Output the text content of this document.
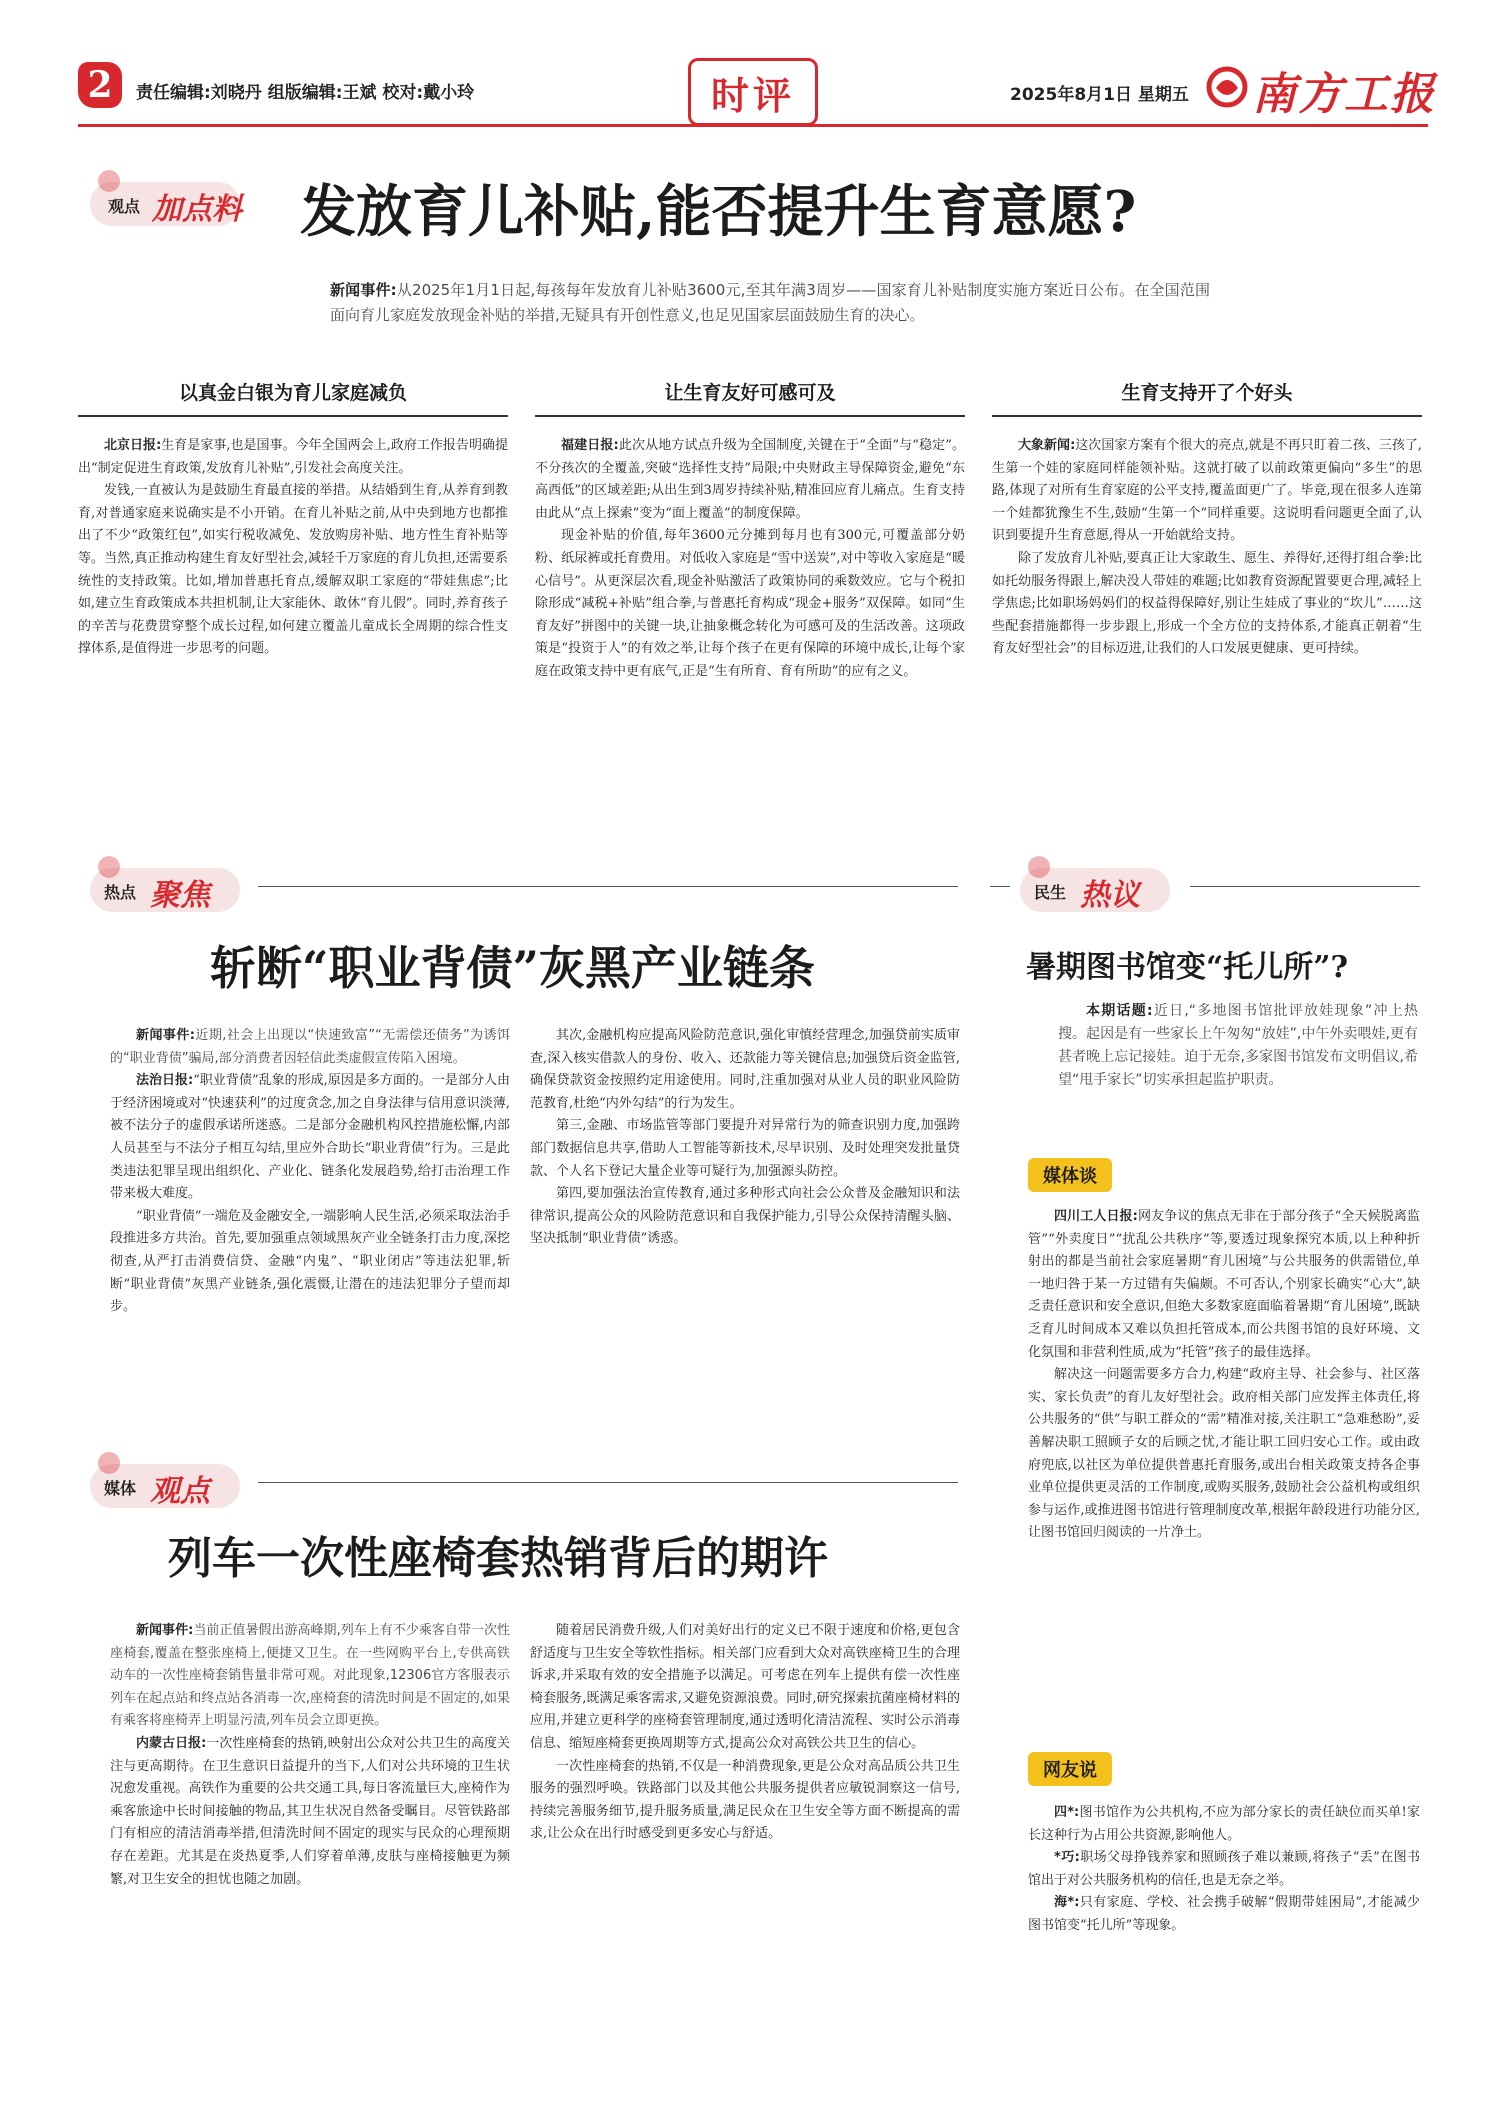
2 责任编辑:刘晓丹 组版编辑:王斌 校对:戴小玲	时评	2025年8月1日 星期五 南方工报
观点 加点料 发放育儿补贴,能否提升生育意愿?
新闻事件:从2025年1月1日起,每孩每年发放育儿补贴3600元,至其年满3周岁——国家育儿补贴制度实施方案近日公布。在全国范围面向育儿家庭发放现金补贴的举措,无疑具有开创性意义,也足见国家层面鼓励生育的决心。
以真金白银为育儿家庭减负

北京日报:生育是家事,也是国事。今年全国两会上,政府工作报告明确提出“制定促进生育政策,发放育儿补贴”,引发社会高度关注。

发钱,一直被认为是鼓励生育最直接的举措。从结婚到生育,从养育到教育,对普通家庭来说确实是不小开销。在育儿补贴之前,从中央到地方也都推出了不少“政策红包”,如实行税收减免、发放购房补贴、地方性生育补贴等等。当然,真正推动构建生育友好型社会,减轻千万家庭的育儿负担,还需要系统性的支持政策。比如,增加普惠托育点,缓解双职工家庭的“带娃焦虑”;比如,建立生育政策成本共担机制,让大家能休、敢休“育儿假”。同时,养育孩子的辛苦与花费贯穿整个成长过程,如何建立覆盖儿童成长全周期的综合性支撑体系,是值得进一步思考的问题。

让生育友好可感可及

福建日报:此次从地方试点升级为全国制度,关键在于“全面”与“稳定”。不分孩次的全覆盖,突破“选择性支持”局限;中央财政主导保障资金,避免“东高西低”的区域差距;从出生到3周岁持续补贴,精准回应育儿痛点。生育支持由此从“点上探索”变为“面上覆盖”的制度保障。

现金补贴的价值,每年3600元分摊到每月也有300元,可覆盖部分奶粉、纸尿裤或托育费用。对低收入家庭是“雪中送炭”,对中等收入家庭是“暖心信号”。从更深层次看,现金补贴激活了政策协同的乘数效应。它与个税扣除形成“减税+补贴”组合拳,与普惠托育构成“现金+服务”双保障。如同“生育友好”拼图中的关键一块,让抽象概念转化为可感可及的生活改善。这项政策是“投资于人”的有效之举,让每个孩子在更有保障的环境中成长,让每个家庭在政策支持中更有底气,正是“生有所育、育有所助”的应有之义。

生育支持开了个好头

大象新闻:这次国家方案有个很大的亮点,就是不再只盯着二孩、三孩了,生第一个娃的家庭同样能领补贴。这就打破了以前政策更偏向“多生”的思路,体现了对所有生育家庭的公平支持,覆盖面更广了。毕竟,现在很多人连第一个娃都犹豫生不生,鼓励“生第一个”同样重要。这说明看问题更全面了,认识到要提升生育意愿,得从一开始就给支持。

除了发放育儿补贴,要真正让大家敢生、愿生、养得好,还得打组合拳:比如托幼服务得跟上,解决没人带娃的难题;比如教育资源配置要更合理,减轻上学焦虑;比如职场妈妈们的权益得保障好,别让生娃成了事业的“坎儿”……这些配套措施都得一步步跟上,形成一个全方位的支持体系,才能真正朝着“生育友好型社会”的目标迈进,让我们的人口发展更健康、更可持续。

热点 聚焦
斩断“职业背债”灰黑产业链条

新闻事件:近期,社会上出现以“快速致富”“无需偿还债务”为诱饵的“职业背债”骗局,部分消费者因轻信此类虚假宣传陷入困境。

法治日报:“职业背债”乱象的形成,原因是多方面的。一是部分人由于经济困境或对“快速获利”的过度贪念,加之自身法律与信用意识淡薄,被不法分子的虚假承诺所迷惑。二是部分金融机构风控措施松懈,内部人员甚至与不法分子相互勾结,里应外合助长“职业背债”行为。三是此类违法犯罪呈现出组织化、产业化、链条化发展趋势,给打击治理工作带来极大难度。

“职业背债”一端危及金融安全,一端影响人民生活,必须采取法治手段推进多方共治。首先,要加强重点领域黑灰产业全链条打击力度,深挖彻查,从严打击消费信贷、金融“内鬼”、“职业闭店”等违法犯罪,斩断“职业背债”灰黑产业链条,强化震慑,让潜在的违法犯罪分子望而却步。

其次,金融机构应提高风险防范意识,强化审慎经营理念,加强贷前实质审查,深入核实借款人的身份、收入、还款能力等关键信息;加强贷后资金监管,确保贷款资金按照约定用途使用。同时,注重加强对从业人员的职业风险防范教育,杜绝“内外勾结”的行为发生。

第三,金融、市场监管等部门要提升对异常行为的筛查识别力度,加强跨部门数据信息共享,借助人工智能等新技术,尽早识别、及时处理突发批量贷款、个人名下登记大量企业等可疑行为,加强源头防控。

第四,要加强法治宣传教育,通过多种形式向社会公众普及金融知识和法律常识,提高公众的风险防范意识和自我保护能力,引导公众保持清醒头脑、坚决抵制“职业背债”诱惑。

媒体 观点
列车一次性座椅套热销背后的期许

新闻事件:当前正值暑假出游高峰期,列车上有不少乘客自带一次性座椅套,覆盖在整张座椅上,便捷又卫生。在一些网购平台上,专供高铁动车的一次性座椅套销售量非常可观。对此现象,12306官方客服表示列车在起点站和终点站各消毒一次,座椅套的清洗时间是不固定的,如果有乘客将座椅弄上明显污渍,列车员会立即更换。

内蒙古日报:一次性座椅套的热销,映射出公众对公共卫生的高度关注与更高期待。在卫生意识日益提升的当下,人们对公共环境的卫生状况愈发重视。高铁作为重要的公共交通工具,每日客流量巨大,座椅作为乘客旅途中长时间接触的物品,其卫生状况自然备受瞩目。尽管铁路部门有相应的清洁消毒举措,但清洗时间不固定的现实与民众的心理预期存在差距。尤其是在炎热夏季,人们穿着单薄,皮肤与座椅接触更为频繁,对卫生安全的担忧也随之加剧。

随着居民消费升级,人们对美好出行的定义已不限于速度和价格,更包含舒适度与卫生安全等软性指标。相关部门应看到大众对高铁座椅卫生的合理诉求,并采取有效的安全措施予以满足。可考虑在列车上提供有偿一次性座椅套服务,既满足乘客需求,又避免资源浪费。同时,研究探索抗菌座椅材料的应用,并建立更科学的座椅套管理制度,通过透明化清洁流程、实时公示消毒信息、缩短座椅套更换周期等方式,提高公众对高铁公共卫生的信心。

一次性座椅套的热销,不仅是一种消费现象,更是公众对高品质公共卫生服务的强烈呼唤。铁路部门以及其他公共服务提供者应敏锐洞察这一信号,持续完善服务细节,提升服务质量,满足民众在卫生安全等方面不断提高的需求,让公众在出行时感受到更多安心与舒适。

民生 热议
暑期图书馆变“托儿所”?
本期话题:近日,“多地图书馆批评放娃现象”冲上热搜。起因是有一些家长上午匆匆“放娃”,中午外卖喂娃,更有甚者晚上忘记接娃。迫于无奈,多家图书馆发布文明倡议,希望“甩手家长”切实承担起监护职责。
媒体谈

四川工人日报:网友争议的焦点无非在于部分孩子“全天候脱离监管”“外卖度日”“扰乱公共秩序”等,要透过现象探究本质,以上种种折射出的都是当前社会家庭暑期“育儿困境”与公共服务的供需错位,单一地归咎于某一方过错有失偏颇。不可否认,个别家长确实“心大”,缺乏责任意识和安全意识,但绝大多数家庭面临着暑期“育儿困境”,既缺乏育儿时间成本又难以负担托管成本,而公共图书馆的良好环境、文化氛围和非营利性质,成为“托管”孩子的最佳选择。

解决这一问题需要多方合力,构建“政府主导、社会参与、社区落实、家长负责”的育儿友好型社会。政府相关部门应发挥主体责任,将公共服务的“供”与职工群众的“需”精准对接,关注职工“急难愁盼”,妥善解决职工照顾子女的后顾之忧,才能让职工回归安心工作。或由政府兜底,以社区为单位提供普惠托育服务,或出台相关政策支持各企事业单位提供更灵活的工作制度,或购买服务,鼓励社会公益机构或组织参与运作,或推进图书馆进行管理制度改革,根据年龄段进行功能分区,让图书馆回归阅读的一片净土。

网友说

四*:图书馆作为公共机构,不应为部分家长的责任缺位而买单!家长这种行为占用公共资源,影响他人。

*巧:职场父母挣钱养家和照顾孩子难以兼顾,将孩子“丢”在图书馆出于对公共服务机构的信任,也是无奈之举。

海*:只有家庭、学校、社会携手破解“假期带娃困局”,才能减少图书馆变“托儿所”等现象。
